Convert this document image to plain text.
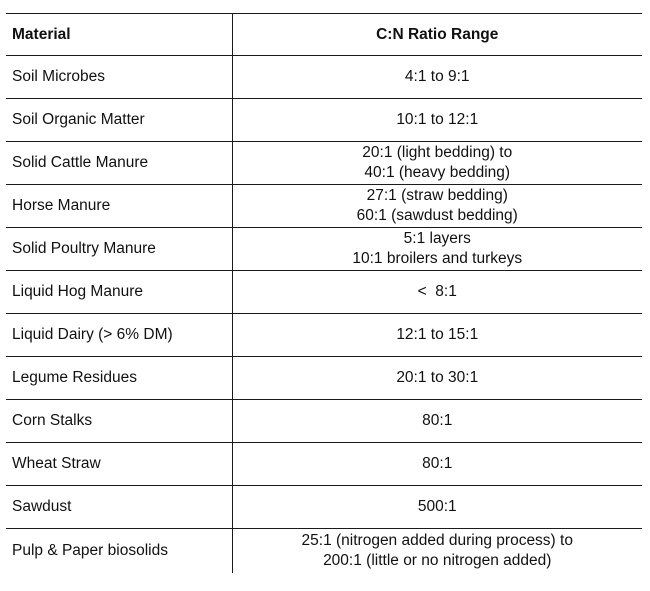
Material	C:N Ratio Range
Soil Microbes	4:1 to 9:1

Soil Organic Matter	10:1 to 12:1

Solid Cattle Manure	20:1 (light bedding) to
40:1 (heavy bedding)

Horse Manure	27:1 (straw bedding)
60:1 (sawdust bedding)

Solid Poultry Manure	5:1 layers
10:1 broilers and turkeys

Liquid Hog Manure	<  8:1

Liquid Dairy (> 6% DM)	12:1 to 15:1

Legume Residues	20:1 to 30:1

Corn Stalks	80:1

Wheat Straw	80:1

Sawdust	500:1

Pulp & Paper biosolids	25:1 (nitrogen added during process) to
200:1 (little or no nitrogen added)
